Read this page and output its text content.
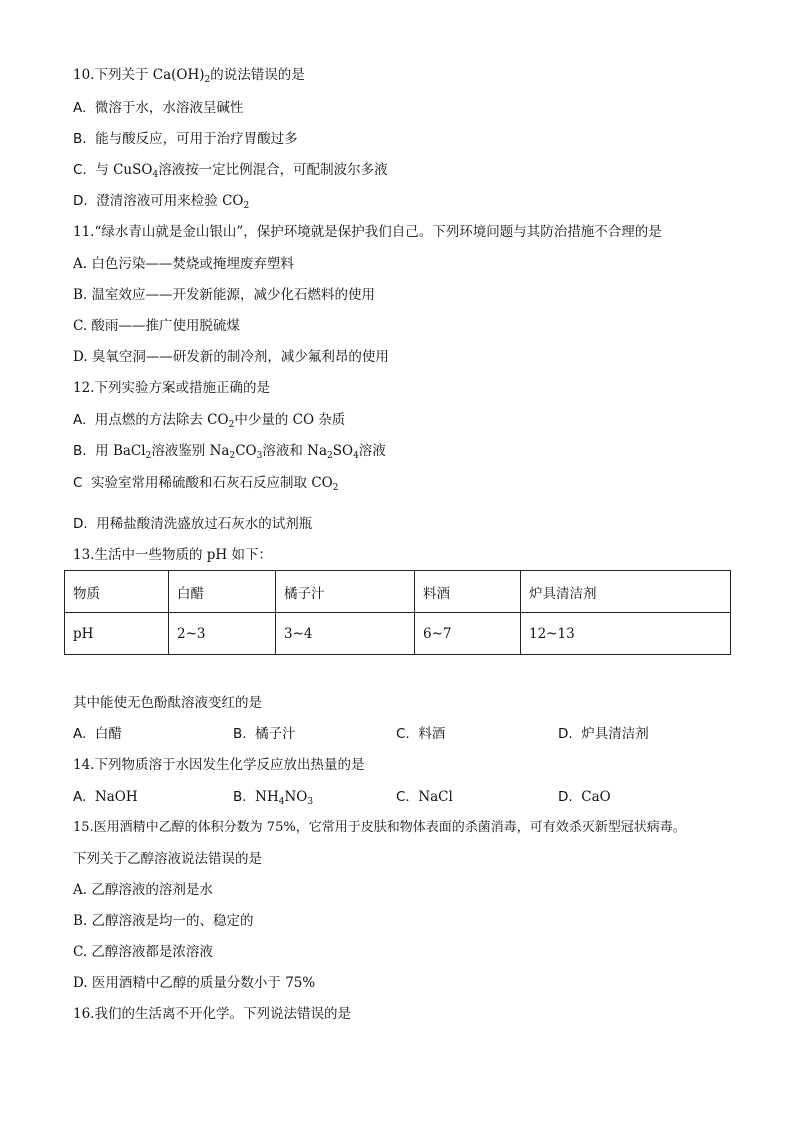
10.下列关于 $Ca(OH)_2$的说法错误的是
A. 微溶于水，水溶液呈碱性
B. 能与酸反应，可用于治疗胃酸过多
C. 与 CuSO$_4$溶液按一定比例混合，可配制波尔多液
D. 澄清溶液可用来检验 $CO_2$
11.“绿水青山就是金山银山”，保护环境就是保护我们自己。下列环境问题与其防治措施不合理的是
A. 白色污染——焚烧或掩埋废弃塑料
B. 温室效应——开发新能源，减少化石燃料的使用
C. 酸雨——推广使用脱硫煤
D. 臭氧空洞——研发新的制冷剂，减少氟利昂的使用
12.下列实验方案或措施正确的是
A. 用点燃的方法除去 $CO_2$中少量的 CO 杂质
B. 用 BaCl$_2$溶液鉴别 $Na_2CO_3$溶液和 $Na_2SO_4$溶液
C 实验室常用稀硫酸和石灰石反应制取 $CO_2$
D. 用稀盐酸清洗盛放过石灰水的试剂瓶
13.生活中一些物质的 pH 如下：
物质	白醋	橘子汁	料酒	炉具清洁剂
pH	2~3	3~4	6~7	12~13
其中能使无色酚酞溶液变红的是
A. 白醋	B. 橘子汁	C. 料酒	D. 炉具清洁剂
14.下列物质溶于水因发生化学反应放出热量的是
A. NaOH	B. $NH_4NO_3$	C. NaCl	D. CaO
15.医用酒精中乙醇的体积分数为 75%，它常用于皮肤和物体表面的杀菌消毒，可有效杀灭新型冠状病毒。
下列关于乙醇溶液说法错误的是
A. 乙醇溶液的溶剂是水
B. 乙醇溶液是均一的、稳定的
C. 乙醇溶液都是浓溶液
D. 医用酒精中乙醇的质量分数小于 75%
16.我们的生活离不开化学。下列说法错误的是
